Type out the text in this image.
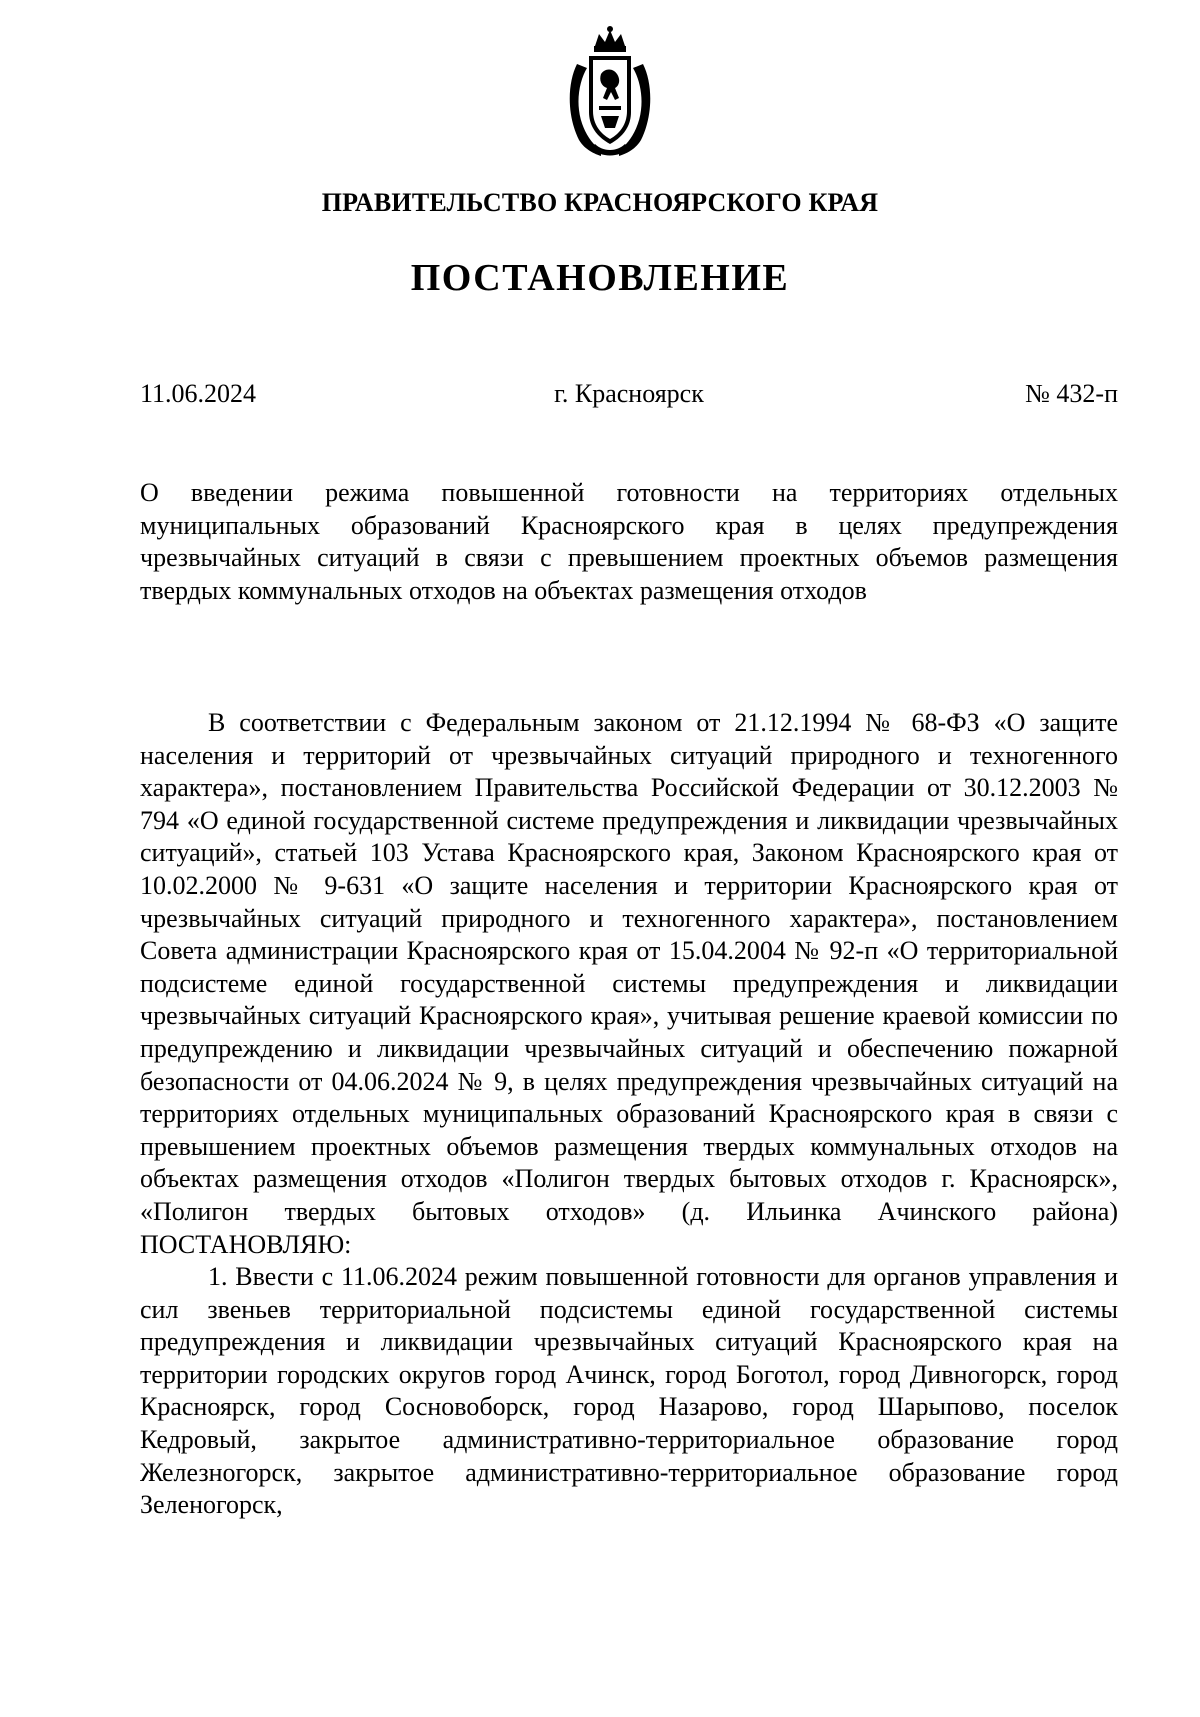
ПРАВИТЕЛЬСТВО КРАСНОЯРСКОГО КРАЯ
ПОСТАНОВЛЕНИЕ
11.06.2024	г. Красноярск	№ 432-п
О введении режима повышенной готовности на территориях отдельных муниципальных образований Красноярского края в целях предупреждения чрезвычайных ситуаций в связи с превышением проектных объемов размещения твердых коммунальных отходов на объектах размещения отходов

В соответствии с Федеральным законом от 21.12.1994 № 68-ФЗ «О защите населения и территорий от чрезвычайных ситуаций природного и техногенного характера», постановлением Правительства Российской Федерации от 30.12.2003 № 794 «О единой государственной системе предупреждения и ликвидации чрезвычайных ситуаций», статьей 103 Устава Красноярского края, Законом Красноярского края от 10.02.2000 № 9-631 «О защите населения и территории Красноярского края от чрезвычайных ситуаций природного и техногенного характера», постановлением Совета администрации Красноярского края от 15.04.2004 № 92-п «О территориальной подсистеме единой государственной системы предупреждения и ликвидации чрезвычайных ситуаций Красноярского края», учитывая решение краевой комиссии по предупреждению и ликвидации чрезвычайных ситуаций и обеспечению пожарной безопасности от 04.06.2024 № 9, в целях предупреждения чрезвычайных ситуаций на территориях отдельных муниципальных образований Красноярского края в связи с превышением проектных объемов размещения твердых коммунальных отходов на объектах размещения отходов «Полигон твердых бытовых отходов г. Красноярск», «Полигон твердых бытовых отходов» (д. Ильинка Ачинского района) ПОСТАНОВЛЯЮ:

1. Ввести с 11.06.2024 режим повышенной готовности для органов управления и сил звеньев территориальной подсистемы единой государственной системы предупреждения и ликвидации чрезвычайных ситуаций Красноярского края на территории городских округов город Ачинск, город Боготол, город Дивногорск, город Красноярск, город Сосновоборск, город Назарово, город Шарыпово, поселок Кедровый, закрытое административно-территориальное образование город Железногорск, закрытое административно-территориальное образование город Зеленогорск,
